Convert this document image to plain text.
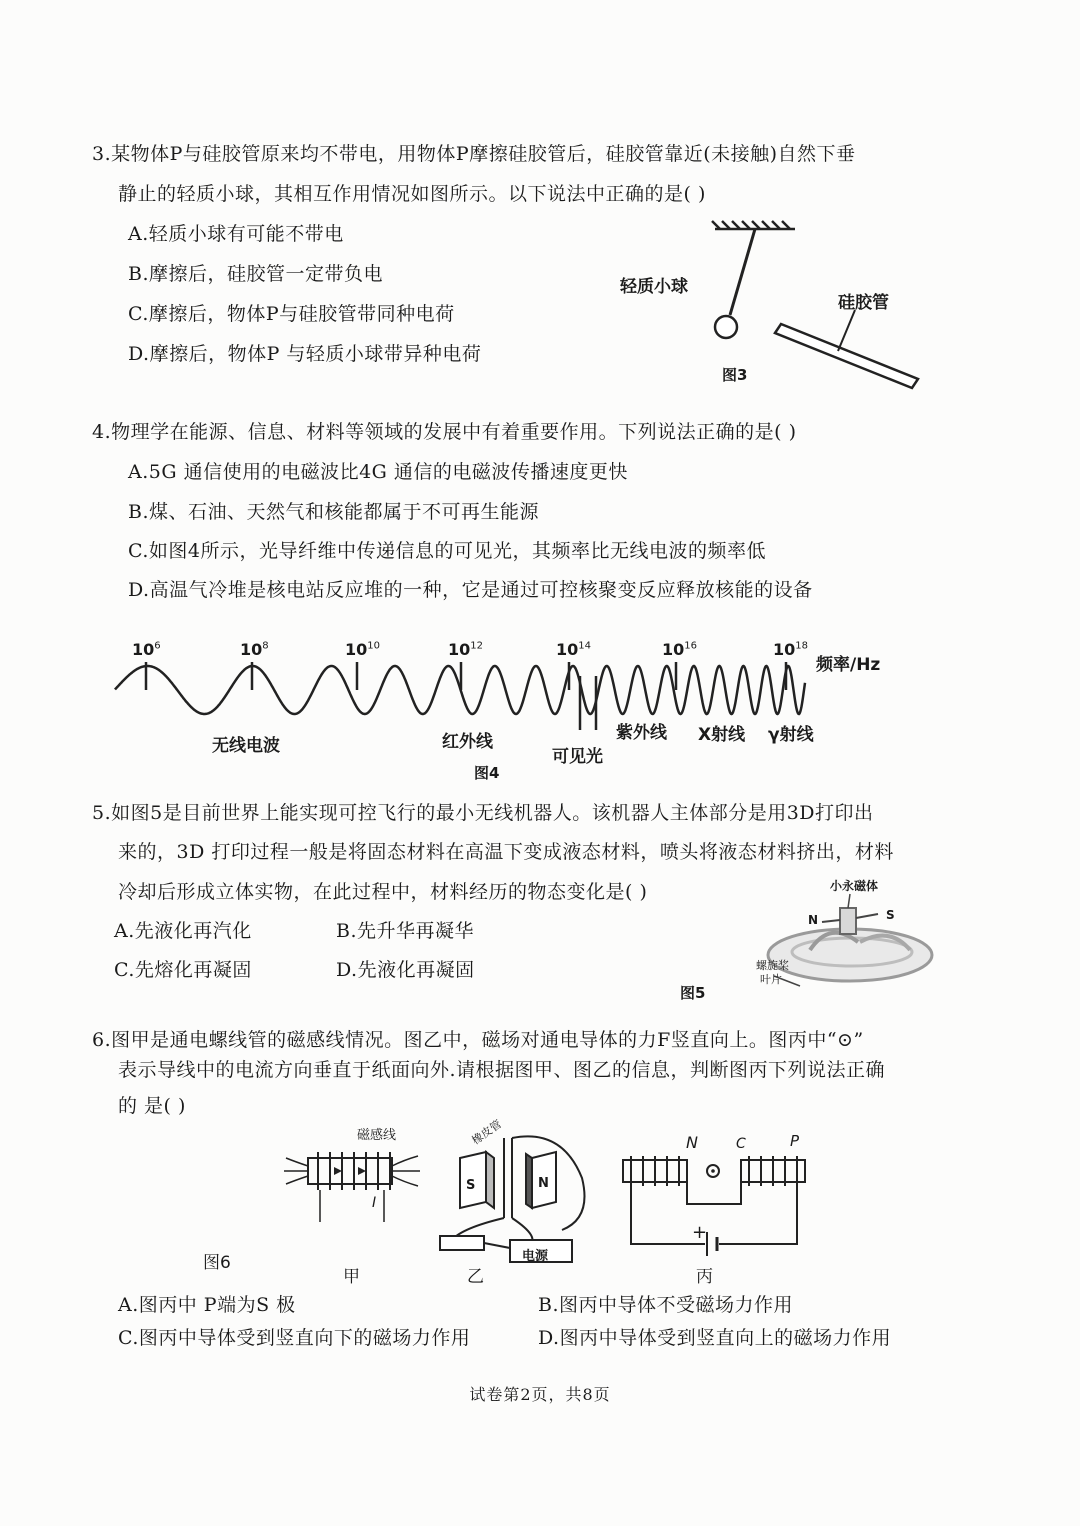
3.某物体P与硅胶管原来均不带电，用物体P摩擦硅胶管后，硅胶管靠近(未接触)自然下垂
静止的轻质小球，其相互作用情况如图所示。以下说法中正确的是( )
A.轻质小球有可能不带电
B.摩擦后，硅胶管一定带负电
C.摩擦后，物体P与硅胶管带同种电荷
D.摩擦后，物体P 与轻质小球带异种电荷
轻质小球
硅胶管
图3
4.物理学在能源、信息、材料等领域的发展中有着重要作用。下列说法正确的是( )
A.5G 通信使用的电磁波比4G 通信的电磁波传播速度更快
B.煤、石油、天然气和核能都属于不可再生能源
C.如图4所示，光导纤维中传递信息的可见光，其频率比无线电波的频率低
D.高温气冷堆是核电站反应堆的一种，它是通过可控核聚变反应释放核能的设备
$10^6$	$10^8$	$10^{10}$	$10^{12}$	$10^{14}$	$10^{16}$	$10^{18}$
频率/Hz
无线电波	红外线
可见光
紫外线 X射线 γ射线
图4
5.如图5是目前世界上能实现可控飞行的最小无线机器人。该机器人主体部分是用3D打印出
来的，3D 打印过程一般是将固态材料在高温下变成液态材料，喷头将液态材料挤出，材料
冷却后形成立体实物，在此过程中，材料经历的物态变化是( )
A.先液化再汽化	B.先升华再凝华
C.先熔化再凝固	D.先液化再凝固
小永磁体
N	S
螺旋桨
叶片
图5
6.图甲是通电螺线管的磁感线情况。图乙中，磁场对通电导体的力F竖直向上。图丙中“⊙”
表示导线中的电流方向垂直于纸面向外.请根据图甲、图乙的信息，判断图丙下列说法正确
的 是( )
磁感线
I
图6
甲
橡皮管
S	N
电源
乙
N	C	P
+
丙
A.图丙中 P端为S 极	B.图丙中导体不受磁场力作用
C.图丙中导体受到竖直向下的磁场力作用	D.图丙中导体受到竖直向上的磁场力作用
试卷第2页，共8页
